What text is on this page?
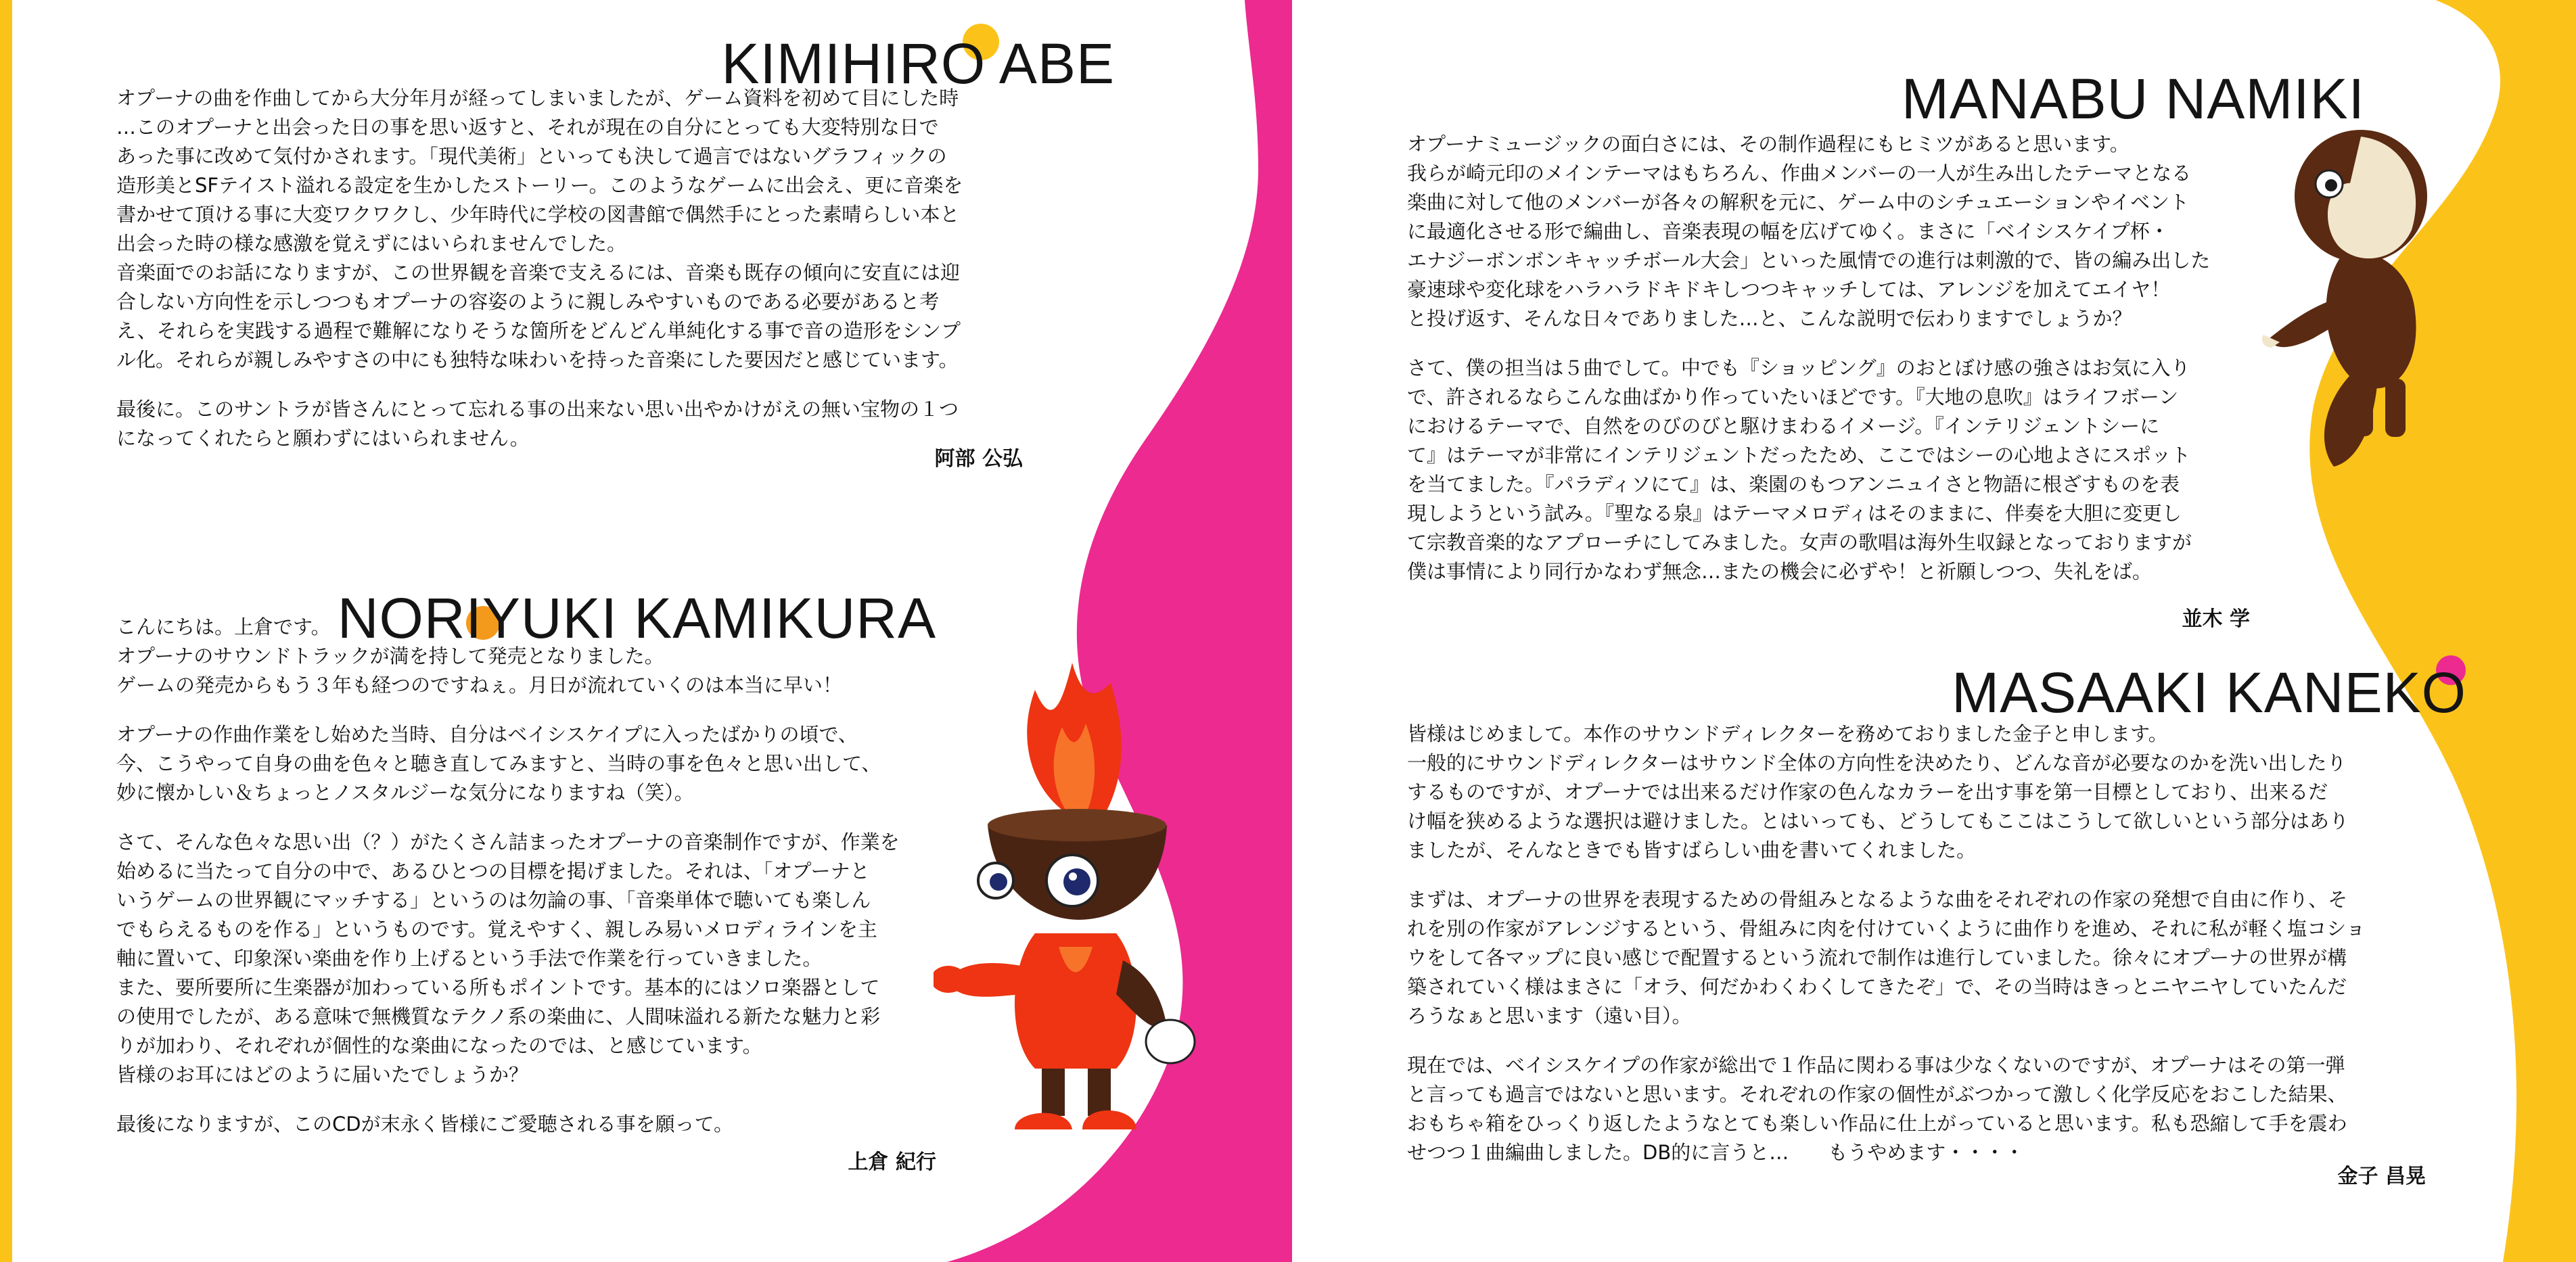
KIMIHIRO ABE

オプーナの曲を作曲してから大分年月が経ってしまいましたが、ゲーム資料を初めて目にした時
…このオプーナと出会った日の事を思い返すと、それが現在の自分にとっても大変特別な日で
あった事に改めて気付かされます。「現代美術」といっても決して過言ではないグラフィックの
造形美とSFテイスト溢れる設定を生かしたストーリー。このようなゲームに出会え、更に音楽を
書かせて頂ける事に大変ワクワクし、少年時代に学校の図書館で偶然手にとった素晴らしい本と
出会った時の様な感激を覚えずにはいられませんでした。
音楽面でのお話になりますが、この世界観を音楽で支えるには、音楽も既存の傾向に安直には迎
合しない方向性を示しつつもオプーナの容姿のように親しみやすいものである必要があると考
え、それらを実践する過程で難解になりそうな箇所をどんどん単純化する事で音の造形をシンプ
ル化。それらが親しみやすさの中にも独特な味わいを持った音楽にした要因だと感じています。

最後に。このサントラが皆さんにとって忘れる事の出来ない思い出やかけがえの無い宝物の１つ
になってくれたらと願わずにはいられません。

阿部 公弘

NORIYUKI KAMIKURA

こんにちは。上倉です。
オプーナのサウンドトラックが満を持して発売となりました。
ゲームの発売からもう３年も経つのですねぇ。月日が流れていくのは本当に早い！

オプーナの作曲作業をし始めた当時、自分はベイシスケイプに入ったばかりの頃で、
今、こうやって自身の曲を色々と聴き直してみますと、当時の事を色々と思い出して、
妙に懐かしい＆ちょっとノスタルジーな気分になりますね（笑）。

さて、そんな色々な思い出（？）がたくさん詰まったオプーナの音楽制作ですが、作業を
始めるに当たって自分の中で、あるひとつの目標を掲げました。それは、「オプーナと
いうゲームの世界観にマッチする」というのは勿論の事、「音楽単体で聴いても楽しん
でもらえるものを作る」というものです。覚えやすく、親しみ易いメロディラインを主
軸に置いて、印象深い楽曲を作り上げるという手法で作業を行っていきました。
また、要所要所に生楽器が加わっている所もポイントです。基本的にはソロ楽器として
の使用でしたが、ある意味で無機質なテクノ系の楽曲に、人間味溢れる新たな魅力と彩
りが加わり、それぞれが個性的な楽曲になったのでは、と感じています。
皆様のお耳にはどのように届いたでしょうか？

最後になりますが、このCDが末永く皆様にご愛聴される事を願って。

上倉 紀行

MANABU NAMIKI

オプーナミュージックの面白さには、その制作過程にもヒミツがあると思います。
我らが崎元印のメインテーマはもちろん、作曲メンバーの一人が生み出したテーマとなる
楽曲に対して他のメンバーが各々の解釈を元に、ゲーム中のシチュエーションやイベント
に最適化させる形で編曲し、音楽表現の幅を広げてゆく。まさに「ベイシスケイプ杯・
エナジーボンボンキャッチボール大会」といった風情での進行は刺激的で、皆の編み出した
豪速球や変化球をハラハラドキドキしつつキャッチしては、アレンジを加えてエイヤ！
と投げ返す、そんな日々でありました…と、こんな説明で伝わりますでしょうか？

さて、僕の担当は５曲でして。中でも『ショッピング』のおとぼけ感の強さはお気に入り
で、許されるならこんな曲ばかり作っていたいほどです。『大地の息吹』はライフボーン
におけるテーマで、自然をのびのびと駆けまわるイメージ。『インテリジェントシーに
て』はテーマが非常にインテリジェントだったため、ここではシーの心地よさにスポット
を当てました。『パラディソにて』は、楽園のもつアンニュイさと物語に根ざすものを表
現しようという試み。『聖なる泉』はテーマメロディはそのままに、伴奏を大胆に変更し
て宗教音楽的なアプローチにしてみました。女声の歌唱は海外生収録となっておりますが
僕は事情により同行かなわず無念…またの機会に必ずや！と祈願しつつ、失礼をば。

並木 学

MASAAKI KANEKO

皆様はじめまして。本作のサウンドディレクターを務めておりました金子と申します。
一般的にサウンドディレクターはサウンド全体の方向性を決めたり、どんな音が必要なのかを洗い出したり
するものですが、オプーナでは出来るだけ作家の色んなカラーを出す事を第一目標としており、出来るだ
け幅を狭めるような選択は避けました。とはいっても、どうしてもここはこうして欲しいという部分はあり
ましたが、そんなときでも皆すばらしい曲を書いてくれました。

まずは、オプーナの世界を表現するための骨組みとなるような曲をそれぞれの作家の発想で自由に作り、そ
れを別の作家がアレンジするという、骨組みに肉を付けていくように曲作りを進め、それに私が軽く塩コショ
ウをして各マップに良い感じで配置するという流れで制作は進行していました。徐々にオプーナの世界が構
築されていく様はまさに「オラ、何だかわくわくしてきたぞ」で、その当時はきっとニヤニヤしていたんだ
ろうなぁと思います（遠い目）。

現在では、ベイシスケイプの作家が総出で１作品に関わる事は少なくないのですが、オプーナはその第一弾
と言っても過言ではないと思います。それぞれの作家の個性がぶつかって激しく化学反応をおこした結果、
おもちゃ箱をひっくり返したようなとても楽しい作品に仕上がっていると思います。私も恐縮して手を震わ
せつつ１曲編曲しました。DB的に言うと…　　もうやめます・・・・

金子 昌晃
